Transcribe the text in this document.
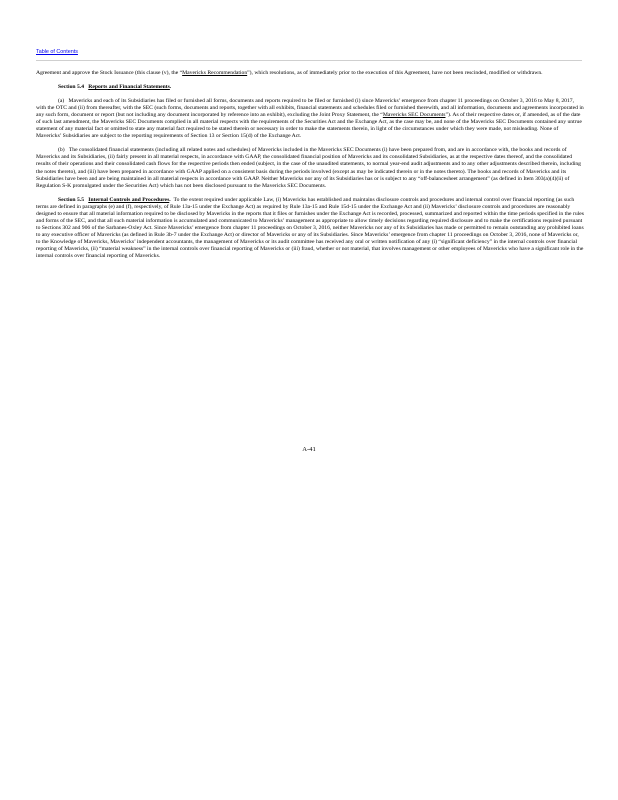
Table of Contents

Agreement and approve the Stock Issuance (this clause (v), the “Mavericks Recommendation”), which resolutions, as of immediately prior to the execution of this Agreement, have not been rescinded, modified or withdrawn.

Section 5.4 Reports and Financial Statements.

(a) Mavericks and each of its Subsidiaries has filed or furnished all forms, documents and reports required to be filed or furnished (i) since Mavericks’ emergence from chapter 11 proceedings on October 3, 2016 to May 8, 2017, with the OTC and (ii) from thereafter, with the SEC (such forms, documents and reports, together with all exhibits, financial statements and schedules filed or furnished therewith, and all information, documents and agreements incorporated in any such form, document or report (but not including any document incorporated by reference into an exhibit), excluding the Joint Proxy Statement, the “Mavericks SEC Documents”). As of their respective dates or, if amended, as of the date of such last amendment, the Mavericks SEC Documents complied in all material respects with the requirements of the Securities Act and the Exchange Act, as the case may be, and none of the Mavericks SEC Documents contained any untrue statement of any material fact or omitted to state any material fact required to be stated therein or necessary in order to make the statements therein, in light of the circumstances under which they were made, not misleading. None of Mavericks’ Subsidiaries are subject to the reporting requirements of Section 13 or Section 15(d) of the Exchange Act.

(b) The consolidated financial statements (including all related notes and schedules) of Mavericks included in the Mavericks SEC Documents (i) have been prepared from, and are in accordance with, the books and records of Mavericks and its Subsidiaries, (ii) fairly present in all material respects, in accordance with GAAP, the consolidated financial position of Mavericks and its consolidated Subsidiaries, as at the respective dates thereof, and the consolidated results of their operations and their consolidated cash flows for the respective periods then ended (subject, in the case of the unaudited statements, to normal year-end audit adjustments and to any other adjustments described therein, including the notes thereto), and (iii) have been prepared in accordance with GAAP applied on a consistent basis during the periods involved (except as may be indicated therein or in the notes thereto). The books and records of Mavericks and its Subsidiaries have been and are being maintained in all material respects in accordance with GAAP. Neither Mavericks nor any of its Subsidiaries has or is subject to any “off-balancesheet arrangement” (as defined in Item 303(a)(4)(ii) of Regulation S-K promulgated under the Securities Act) which has not been disclosed pursuant to the Mavericks SEC Documents.

Section 5.5 Internal Controls and Procedures. To the extent required under applicable Law, (i) Mavericks has established and maintains disclosure controls and procedures and internal control over financial reporting (as such terms are defined in paragraphs (e) and (f), respectively, of Rule 13a-15 under the Exchange Act) as required by Rule 13a-15 and Rule 15d-15 under the Exchange Act and (ii) Mavericks’ disclosure controls and procedures are reasonably designed to ensure that all material information required to be disclosed by Mavericks in the reports that it files or furnishes under the Exchange Act is recorded, processed, summarized and reported within the time periods specified in the rules and forms of the SEC, and that all such material information is accumulated and communicated to Mavericks’ management as appropriate to allow timely decisions regarding required disclosure and to make the certifications required pursuant to Sections 302 and 906 of the Sarbanes-Oxley Act. Since Mavericks’ emergence from chapter 11 proceedings on October 3, 2016, neither Mavericks nor any of its Subsidiaries has made or permitted to remain outstanding any prohibited loans to any executive officer of Mavericks (as defined in Rule 3b-7 under the Exchange Act) or director of Mavericks or any of its Subsidiaries. Since Mavericks’ emergence from chapter 11 proceedings on October 3, 2016, none of Mavericks or, to the Knowledge of Mavericks, Mavericks’ independent accountants, the management of Mavericks or its audit committee has received any oral or written notification of any (i) “significant deficiency” in the internal controls over financial reporting of Mavericks, (ii) “material weakness” in the internal controls over financial reporting of Mavericks or (iii) fraud, whether or not material, that involves management or other employees of Mavericks who have a significant role in the internal controls over financial reporting of Mavericks.

A-41
